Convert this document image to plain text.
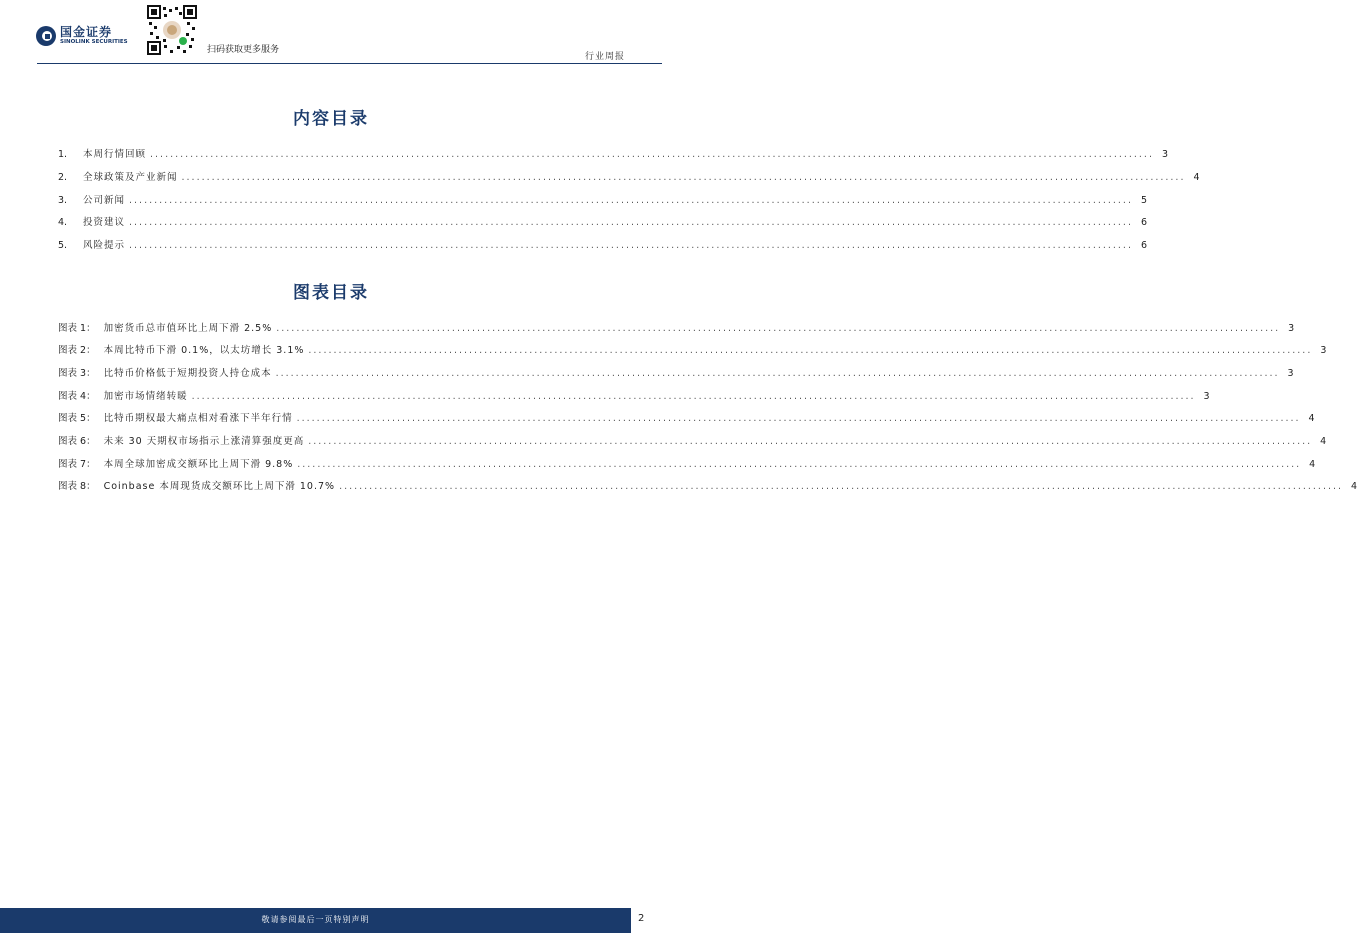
国金证券
SINOLINK SECURITIES
扫码获取更多服务
行业周报
内容目录
1.	本周行情回顾 ........................................................................................................................................................................................................ 3
2.	全球政策及产业新闻 ........................................................................................................................................................................................................ 4
3.	公司新闻 ........................................................................................................................................................................................................ 5
4.	投资建议 ........................................................................................................................................................................................................ 6
5.	风险提示 ........................................................................................................................................................................................................ 6
图表目录
图表 1： 加密货币总市值环比上周下滑 2.5% ........................................................................................................................................................................................................ 3
图表 2： 本周比特币下滑 0.1%，以太坊增长 3.1% ........................................................................................................................................................................................................ 3
图表 3： 比特币价格低于短期投资人持仓成本 ........................................................................................................................................................................................................ 3
图表 4： 加密市场情绪转暖 ........................................................................................................................................................................................................ 3
图表 5： 比特币期权最大痛点相对看涨下半年行情 ........................................................................................................................................................................................................ 4
图表 6： 未来 30 天期权市场指示上涨清算强度更高 ........................................................................................................................................................................................................ 4
图表 7： 本周全球加密成交额环比上周下滑 9.8% ........................................................................................................................................................................................................ 4
图表 8： Coinbase 本周现货成交额环比上周下滑 10.7% ........................................................................................................................................................................................................ 4
敬请参阅最后一页特别声明	2
